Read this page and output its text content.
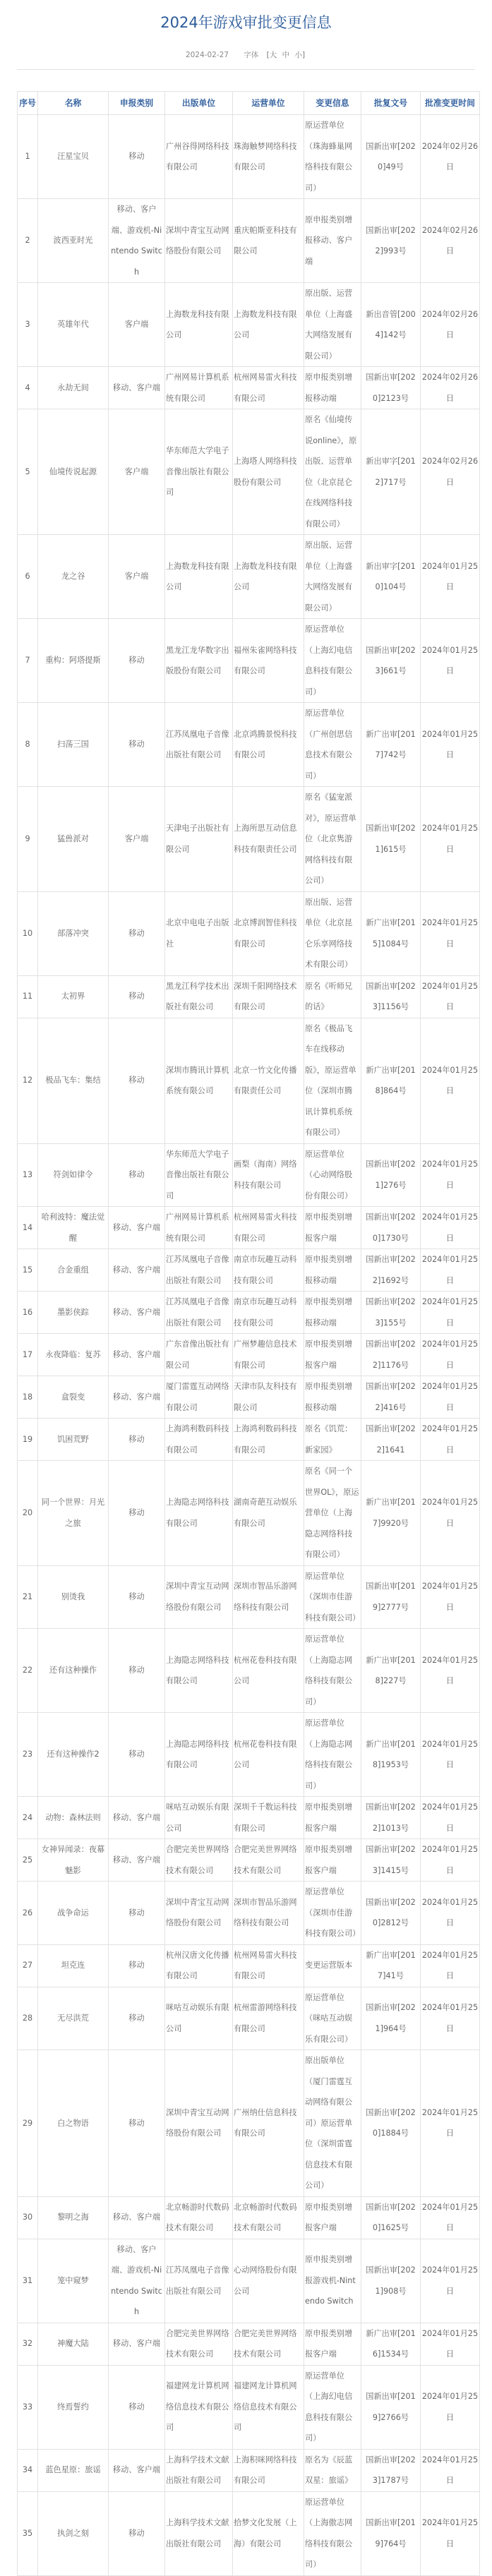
2024年游戏审批变更信息
2024-02-27 字体 [大 中 小]
序号	名称	申报类别	出版单位	运营单位	变更信息	批复文号	批准变更时间
1	汪星宝贝	移动	广州谷得网络科技有限公司	珠海触梦网络科技有限公司	原运营单位（珠海蜂巢网络科技有限公司）	国新出审[2020]49号	2024年02月26日
2	波西亚时光	移动、客户端、游戏机-Nintendo Switch	深圳中青宝互动网络股份有限公司	重庆帕斯亚科技有限公司	原申报类别增报移动、客户端	国新出审[2022]993号	2024年02月26日
3	英雄年代	客户端	上海数龙科技有限公司	上海数龙科技有限公司	原出版、运营单位（上海盛大网络发展有限公司）	新出音管[2004]142号	2024年02月26日
4	永劫无间	移动、客户端	广州网易计算机系统有限公司	杭州网易雷火科技有限公司	原申报类别增报移动端	国新出审[2020]2123号	2024年02月26日
5	仙境传说起源	客户端	华东师范大学电子音像出版社有限公司	上海塔人网络科技股份有限公司	原名《仙境传说online》，原出版、运营单位（北京昆仑在线网络科技有限公司）	新出审字[2012]717号	2024年02月26日
6	龙之谷	客户端	上海数龙科技有限公司	上海数龙科技有限公司	原出版、运营单位（上海盛大网络发展有限公司）	新出审字[2010]104号	2024年01月25日
7	重构：阿塔提斯	移动	黑龙江龙华数字出版股份有限公司	福州朱雀网络科技有限公司	原运营单位（上海幻电信息科技有限公司）	国新出审[2023]661号	2024年01月25日
8	扫荡三国	移动	江苏凤凰电子音像出版社有限公司	北京鸿腾景悦科技有限公司	原运营单位（广州创思信息技术有限公司）	新广出审[2017]742号	2024年01月25日
9	猛兽派对	客户端	天津电子出版社有限公司	上海所思互动信息科技有限责任公司	原名《猛宠派对》，原运营单位（北京隽游网络科技有限公司）	国新出审[2021]615号	2024年01月25日
10	部落冲突	移动	北京中电电子出版社	北京博润智佳科技有限公司	原出版、运营单位（北京昆仑乐享网络技术有限公司）	新广出审[2015]1084号	2024年01月25日
11	太初界	移动	黑龙江科学技术出版社有限公司	深圳千阳网络技术有限公司	原名《听师兄的话》	国新出审[2023]1156号	2024年01月25日
12	极品飞车：集结	移动	深圳市腾讯计算机系统有限公司	北京一竹文化传播有限责任公司	原名《极品飞车在线移动版》，原运营单位（深圳市腾讯计算机系统有限公司）	新广出审[2018]864号	2024年01月25日
13	符剑如律令	移动	华东师范大学电子音像出版社有限公司	画梨（海南）网络科技有限公司	原运营单位（心动网络股份有限公司）	国新出审[2021]276号	2024年01月25日
14	哈利波特：魔法觉醒	移动、客户端	广州网易计算机系统有限公司	杭州网易雷火科技有限公司	原申报类别增报客户端	国新出审[2020]1730号	2024年01月25日
15	合金重组	移动、客户端	江苏凤凰电子音像出版社有限公司	南京市玩趣互动科技有限公司	原申报类别增报移动端	国新出审[2022]1692号	2024年01月25日
16	墨影侠踪	移动、客户端	江苏凤凰电子音像出版社有限公司	南京市玩趣互动科技有限公司	原申报类别增报移动端	国新出审[2023]155号	2024年01月25日
17	永夜降临：复苏	移动、客户端	广东音像出版社有限公司	广州梦趣信息技术有限公司	原申报类别增报客户端	国新出审[2022]1176号	2024年01月25日
18	盒裂变	移动、客户端	厦门雷霆互动网络有限公司	天津市队友科技有限公司	原申报类别增报移动端	国新出审[2022]416号	2024年01月25日
19	饥困荒野	移动	上海鸿利数码科技有限公司	上海鸿利数码科技有限公司	原名《饥荒：新家园》	国新出审[2022]1641	2024年01月25日
20	同一个世界：月光之旅	移动	上海隐志网络科技有限公司	湖南奇葩互动娱乐有限公司	原名《同一个世界OL》，原运营单位（上海隐志网络科技有限公司）	新广出审[2017]9920号	2024年01月25日
21	别烫我	移动	深圳中青宝互动网络股份有限公司	深圳市智品乐游网络科技有限公司	原运营单位（深圳市佳游科技有限公司）	国新出审[2019]2777号	2024年01月25日
22	还有这种操作	移动	上海隐志网络科技有限公司	杭州花卷科技有限公司	原运营单位（上海隐志网络科技有限公司）	新广出审[2018]227号	2024年01月25日
23	还有这种操作2	移动	上海隐志网络科技有限公司	杭州花卷科技有限公司	原运营单位（上海隐志网络科技有限公司）	新广出审[2018]1953号	2024年01月25日
24	动物：森林法则	移动、客户端	咪咕互动娱乐有限公司	深圳千千数运科技有限公司	原申报类别增报客户端	国新出审[2022]1013号	2024年01月25日
25	女神异闻录：夜幕魅影	移动、客户端	合肥完美世界网络技术有限公司	合肥完美世界网络技术有限公司	原申报类别增报客户端	国新出审[2023]1415号	2024年01月25日
26	战争命运	移动	深圳中青宝互动网络股份有限公司	深圳市智品乐游网络科技有限公司	原运营单位（深圳市佳游科技有限公司）	国新出审[2020]2812号	2024年01月25日
27	坦克连	移动	杭州汉唐文化传播有限公司	杭州网易雷火科技有限公司	变更运营版本	新广出审[2017]41号	2024年01月25日
28	无尽洪荒	移动	咪咕互动娱乐有限公司	杭州雷游网络科技有限公司	原运营单位（咪咕互动娱乐有限公司）	国新出审[2021]964号	2024年01月25日
29	白之物语	移动	深圳中青宝互动网络股份有限公司	广州纳仕信息科技有限公司	原出版单位（厦门雷霆互动网络有限公司）原运营单位（深圳雷霆信息技术有限公司）	国新出审[2020]1884号	2024年01月25日
30	黎明之海	移动、客户端	北京畅游时代数码技术有限公司	北京畅游时代数码技术有限公司	原申报类别增报客户端	国新出审[2020]1625号	2024年01月25日
31	笼中窥梦	移动、客户端、游戏机-Nintendo Switch	江苏凤凰电子音像出版社有限公司	心动网络股份有限公司	原申报类别增报游戏机-Nintendo Switch	国新出审[2021]908号	2024年01月25日
32	神魔大陆	移动、客户端	合肥完美世界网络技术有限公司	合肥完美世界网络技术有限公司	原申报类别增报客户端	新广出审[2016]1534号	2024年01月25日
33	终焉誓约	移动	福建网龙计算机网络信息技术有限公司	福建网龙计算机网络信息技术有限公司	原运营单位（上海幻电信息科技有限公司）	国新出审[2019]2766号	2024年01月25日
34	蓝色星原：旅谣	移动、客户端	上海科学技术文献出版社有限公司	上海积咪网络科技有限公司	原名为《辰蓝双星：旅谣》	国新出审[2023]1787号	2024年01月25日
35	执剑之刻	移动	上海科学技术文献出版社有限公司	拾梦文化发展（上海）有限公司	原运营单位（上海傲志网络科技有限公司）	国新出审[2019]764号	2024年01月25日
